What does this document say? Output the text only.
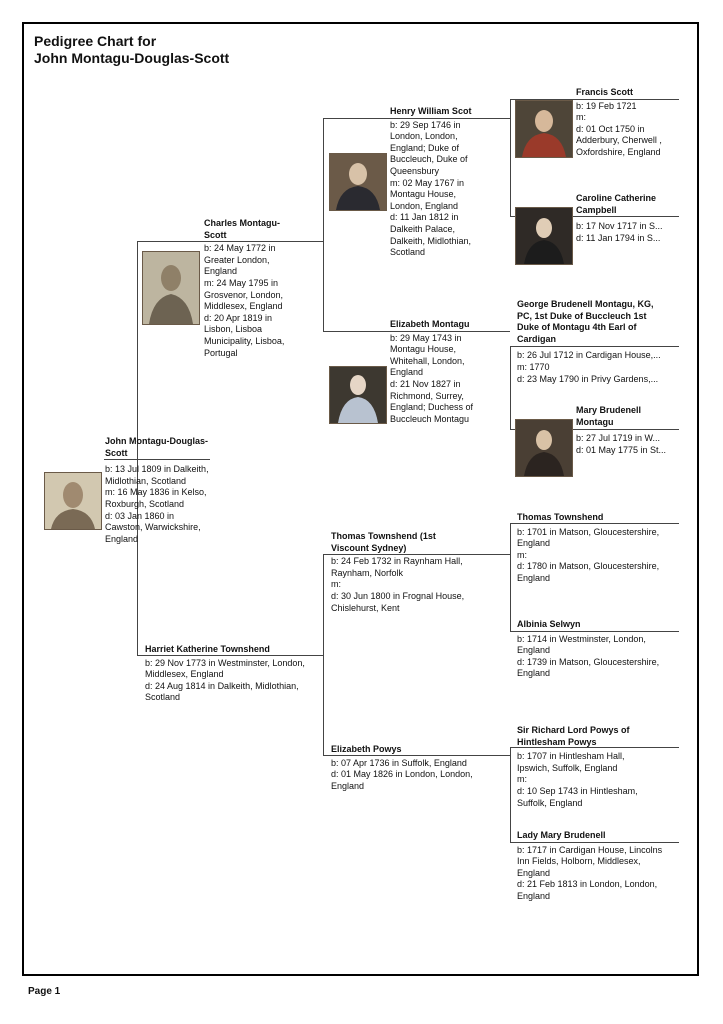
Pedigree Chart for
John Montagu-Douglas-Scott
John Montagu-Douglas-Scott
b: 13 Jul 1809 in Dalkeith, Midlothian, Scotland
m: 16 May 1836 in Kelso, Roxburgh, Scotland
d: 03 Jan 1860 in Cawston, Warwickshire, England
Charles Montagu-Scott
b: 24 May 1772 in Greater London, England
m: 24 May 1795 in Grosvenor, London, Middlesex, England
d: 20 Apr 1819 in Lisbon, Lisboa Municipality, Lisboa, Portugal
Harriet Katherine Townshend
b: 29 Nov 1773 in Westminster, London, Middlesex, England
d: 24 Aug 1814 in Dalkeith, Midlothian, Scotland
Henry William Scot
b: 29 Sep 1746 in London, London, England; Duke of Buccleuch, Duke of Queensbury
m: 02 May 1767 in Montagu House, London, England
d: 11 Jan 1812 in Dalkeith Palace, Dalkeith, Midlothian, Scotland
Elizabeth Montagu
b: 29 May 1743 in Montagu House, Whitehall, London, England
d: 21 Nov 1827 in Richmond, Surrey, England; Duchess of Buccleuch Montagu
Thomas Townshend (1st Viscount Sydney)
b: 24 Feb 1732 in Raynham Hall, Raynham, Norfolk
m:
d: 30 Jun 1800 in Frognal House, Chislehurst, Kent
Elizabeth Powys
b: 07 Apr 1736 in Suffolk, England
d: 01 May 1826 in London, London, England
Francis Scott
b: 19 Feb 1721
m:
d: 01 Oct 1750 in Adderbury, Cherwell , Oxfordshire, England
Caroline Catherine Campbell
b: 17 Nov 1717 in S...
d: 11 Jan 1794 in S...
George Brudenell Montagu, KG, PC, 1st Duke of Buccleuch 1st Duke of Montagu 4th Earl of Cardigan
b: 26 Jul 1712 in Cardigan House,...
m: 1770
d: 23 May 1790 in Privy Gardens,...
Mary Brudenell Montagu
b: 27 Jul 1719 in W...
d: 01 May 1775 in St...
Thomas Townshend
b: 1701 in Matson, Gloucestershire, England
m:
d: 1780 in Matson, Gloucestershire, England
Albinia Selwyn
b: 1714 in Westminster, London, England
d: 1739 in Matson, Gloucestershire, England
Sir Richard Lord Powys of Hintlesham Powys
b: 1707 in Hintlesham Hall, Ipswich, Suffolk, England
m:
d: 10 Sep 1743 in Hintlesham, Suffolk, England
Lady Mary Brudenell
b: 1717 in Cardigan House, Lincolns Inn Fields, Holborn, Middlesex, England
d: 21 Feb 1813 in London, London, England
Page 1
